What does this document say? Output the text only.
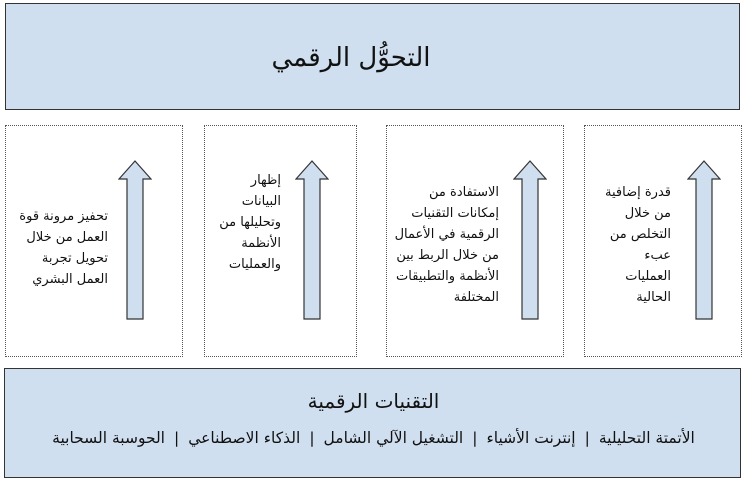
التحوُّل الرقمي
تحفيز مرونة قوة
العمل من خلال
تحويل تجربة
العمل البشري
إظهار
البيانات
وتحليلها من
الأنظمة
والعمليات
الاستفادة من
إمكانات التقنيات
الرقمية في الأعمال
من خلال الربط بين
الأنظمة والتطبيقات
المختلفة
قدرة إضافية
من خلال
التخلص من
عبء
العمليات
الحالية
التقنيات الرقمية
الأتمتة التحليلية
|
إنترنت الأشياء
|
التشغيل الآلي الشامل
|
الذكاء الاصطناعي
|
الحوسبة السحابية
